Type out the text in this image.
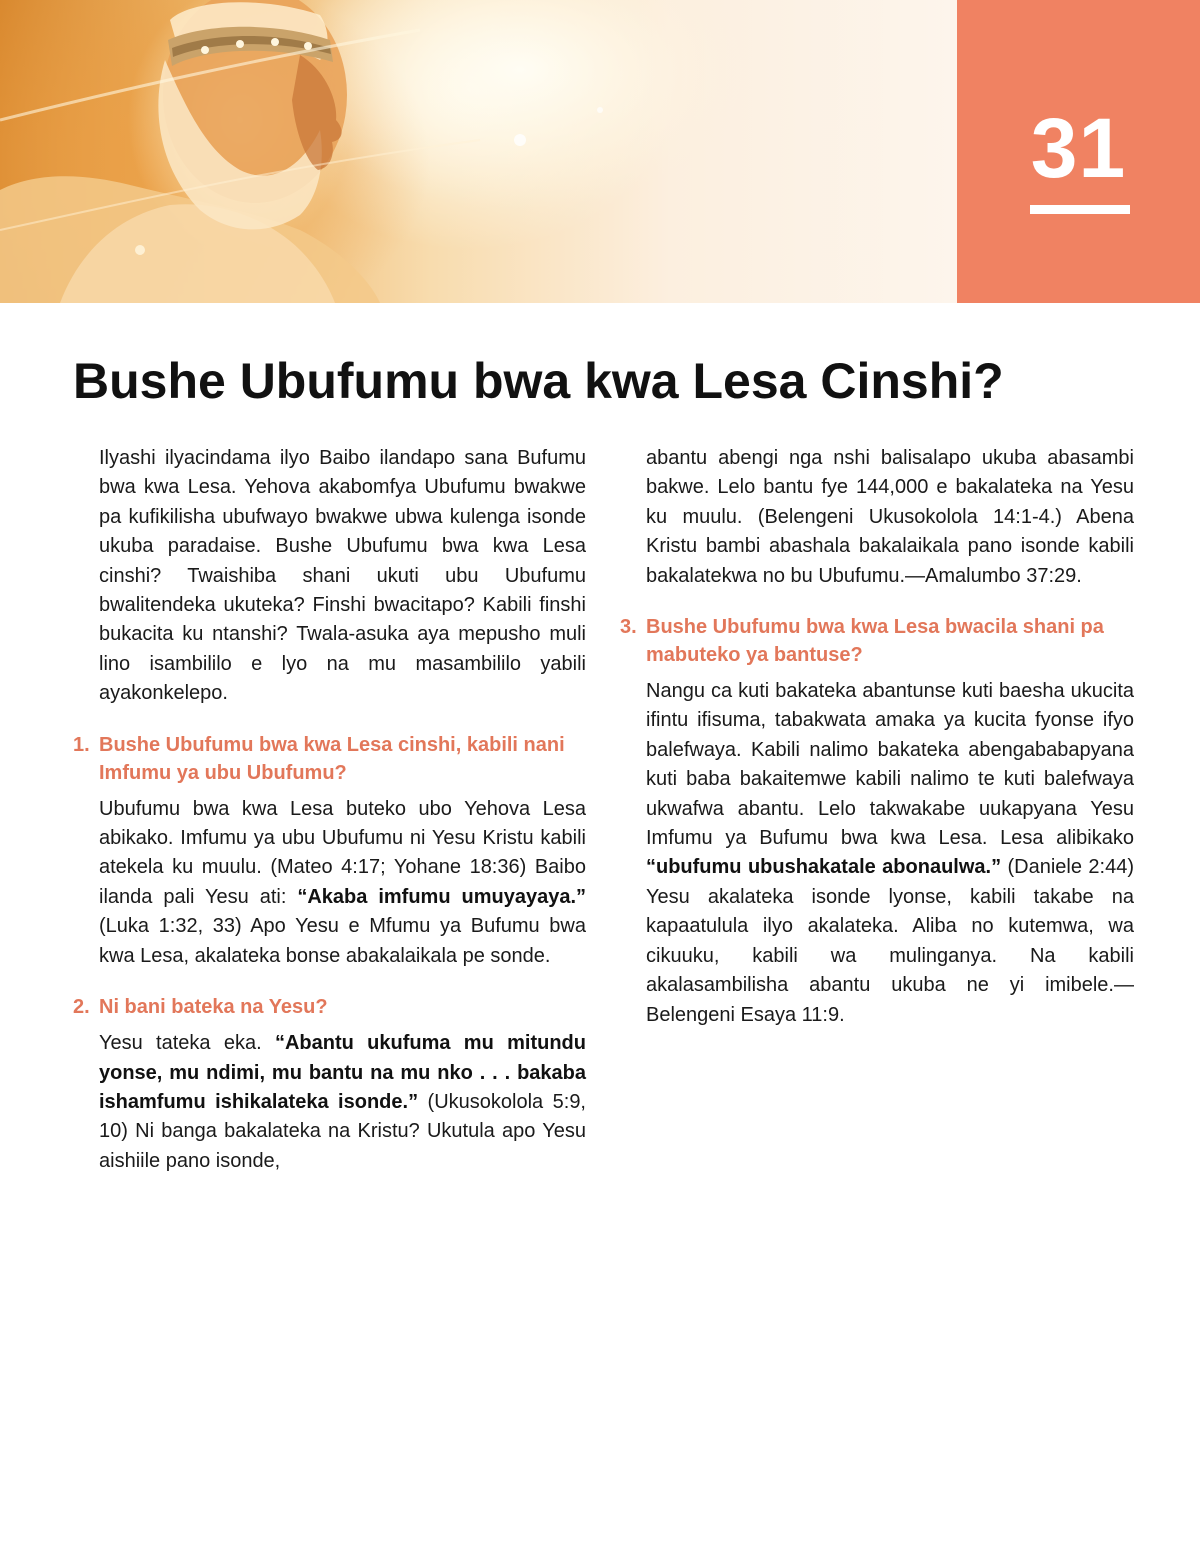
31
Bushe Ubufumu bwa kwa Lesa Cinshi?

Ilyashi ilyacindama ilyo Baibo ilandapo sana Bufumu bwa kwa Lesa. Yehova akabomfya Ubufumu bwakwe pa kufikilisha ubufwayo bwakwe ubwa kulenga isonde ukuba paradaise. Bushe Ubufumu bwa kwa Lesa cinshi? Twaishiba shani ukuti ubu Ubufumu bwalitendeka ukuteka? Finshi bwacitapo? Kabili finshi bukacita ku ntanshi? Twala-asuka aya mepusho muli lino isambililo e lyo na mu masambililo yabili ayakonkelepo.

1. Bushe Ubufumu bwa kwa Lesa cinshi, kabili nani Imfumu ya ubu Ubufumu?

Ubufumu bwa kwa Lesa buteko ubo Yehova Lesa abikako. Imfumu ya ubu Ubufumu ni Yesu Kristu kabili atekela ku muulu. (Mateo 4:17; Yohane 18:36) Baibo ilanda pali Yesu ati: “Akaba imfumu umuyayaya.” (Luka 1:32, 33) Apo Yesu e Mfumu ya Bufumu bwa kwa Lesa, akalateka bonse abakalaikala pe sonde.

2. Ni bani bateka na Yesu?

Yesu tateka eka. “Abantu ukufuma mu mitundu yonse, mu ndimi, mu bantu na mu nko . . . bakaba ishamfumu ishikalateka isonde.” (Ukusokolola 5:9, 10) Ni banga bakalateka na Kristu? Ukutula apo Yesu aishiile pano isonde,

abantu abengi nga nshi balisalapo ukuba abasambi bakwe. Lelo bantu fye 144,000 e bakalateka na Yesu ku muulu. (Belengeni Ukusokolola 14:1-4.) Abena Kristu bambi abashala bakalaikala pano isonde kabili bakalatekwa no bu Ubufumu.—Amalumbo 37:29.

3. Bushe Ubufumu bwa kwa Lesa bwacila shani pa mabuteko ya bantuse?

Nangu ca kuti bakateka abantunse kuti baesha ukucita ifintu ifisuma, tabakwata amaka ya kucita fyonse ifyo balefwaya. Kabili nalimo bakateka abengababapyana kuti baba bakaitemwe kabili nalimo te kuti balefwaya ukwafwa abantu. Lelo takwakabe uukapyana Yesu Imfumu ya Bufumu bwa kwa Lesa. Lesa alibikako “ubufumu ubushakatale abonaulwa.” (Daniele 2:44) Yesu akalateka isonde lyonse, kabili takabe na kapaatulula ilyo akalateka. Aliba no kutemwa, wa cikuuku, kabili wa mulinganya. Na kabili akalasambilisha abantu ukuba ne yi imibele.—Belengeni Esaya 11:9.
